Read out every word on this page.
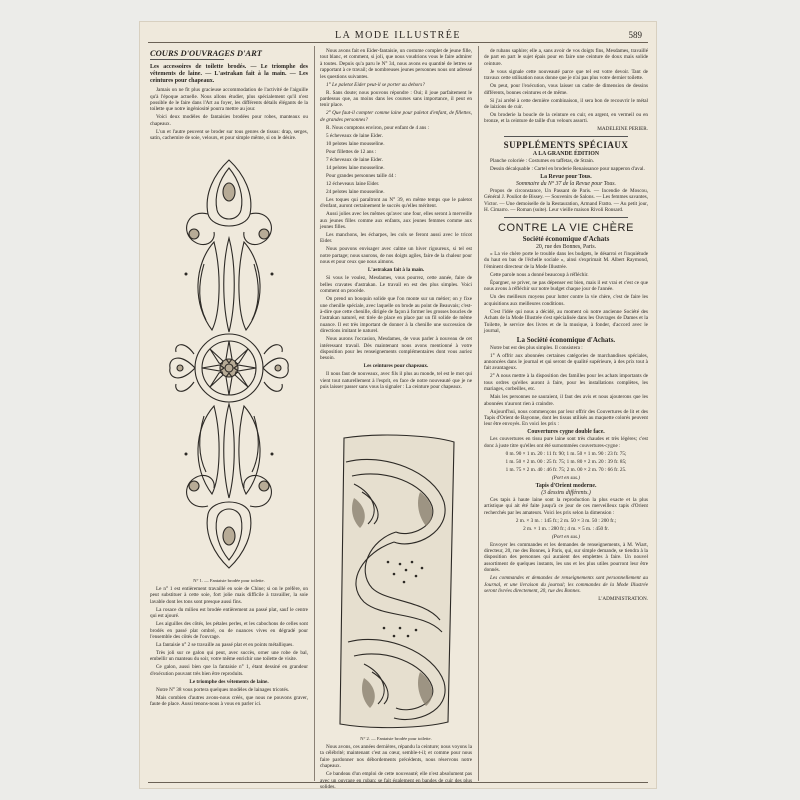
LA MODE ILLUSTRÉE	589
COURS D'OUVRAGES D'ART

Les accessoires de toilette brodés. — Le triomphe des vêtements de laine. — L'astrakan fait à la main. — Les ceintures pour chapeaux.

Jamais on ne fit plus gracieuse accommodation de l'activité de l'aiguille qu'à l'époque actuelle. Nous allons étudier, plus spécialement qu'il n'est possible de le faire dans l'Art au foyer, les différents détails élégants de la toilette que notre ingéniosité pourra mettre au jour.

Voici deux modèles de fantaisies brodées pour robes, manteaux ou chapeaux.

L'un et l'autre peuvent se broder sur tous genres de tissus: drap, serges, satin, cachemire de soie, velours, et pour simple même, si on le désire.

N° 1. — Fantaisie brodée pour toilette.

Le n° 1 est entièrement travaillé en soie de Chine; si on le préfère, on peut substituer à cette soie, fort jolie mais difficile à travailler, la soie lavable dont les tons sont presque aussi fins.

La rosace du milieu est brodée entièrement au passé plat, sauf le centre qui est ajouré.

Les aiguilles des côtés, les pétales perles, et les cabochons de celles sont brodés en passé plat ombré, ou de nuances vives en dégradé pour l'ensemble des côtés de l'ouvrage.

La fantaisie n° 2 se travaille au passé plat et en points métalliques.

Très joli sur ce galon qui peut, avec succès, orner une robe de bal, embellir un manteau du soir, votre même enrichir une toilette de visite.

Ce galon, aussi bien que la fantaisie n° 1, étant dessiné en grandeur d'exécution pouvant très bien être reproduits.

Le triomphe des vêtements de laine.

Notre N° 38 vous portera quelques modèles de lainages tricotés.

Mais combien d'autres avons-nous créés, que nous ne pouvons graver, faute de place. Aussi tenons-nous à vous en parler ici.

Nous avons fait en Eider-fantaisie, un costume complet de jeune fille, tout blanc, et comment, si joli, que nous voudrions vous le faire admirer à toutes. Depuis qu'a paru le N° 34, nous avons eu quantité de lettres se rapportant à ce travail; de nombreuses jeunes personnes nous ont adressé les questions suivantes.

1° Le paletot Eider peut-il se porter au dehors?

R. Sans doute; nous pouvons répondre : Oui; il joue parfaitement le pardessus que, au moins dans les courses sans importance, il peut en tenir place.

2° Que faut-il compter comme laine pour paletot d'enfant, de fillettes, de grandes personnes?

R. Nous comptons environ, pour enfant de 4 ans :

5 écheveaux de laine Eider.

10 pelotes laine mousseline.

Pour fillettes de 12 ans :

7 écheveaux de laine Eider.

14 pelotes laine mousseline.

Pour grandes personnes taille 44 :

12 écheveaux laine Eider.

24 pelotes laine mousseline.

Les toques qui paraîtront au N° 39, en même temps que le paletot d'enfant, auront certainement le succès qu'elles méritent.

Aussi jolies avec les mêmes qu'avec une four, elles seront à merveille aux jeunes filles comme aux enfants, aux jeunes femmes comme aux jeunes filles.

Les manchons, les écharpes, les cols se feront aussi avec le tricot Eider.

Nous pouvons envisager avec calme un hiver rigoureux, si tel est notre partage; nous saurons, de nos doigts agiles, faire de la chaleur pour nous et pour ceux que nous aimons.

L'astrakan fait à la main.

Si vous le voulez, Mesdames, vous pourrez, cette année, faire de belles cravates d'astrakan. Le travail en est des plus simples. Voici comment on procède.

On prend un bouquin solide que l'on monte sur un métier; on y fixe une chenille spéciale, avec laquelle on brode au point de Beauvais; c'est-à-dire que cette chenille, dirigée de façon à former les grosses boucles de l'astrakan naturel, est tirée de place en place par un fil solide de même nuance. Il est très important de donner à la chenille une succession de directions imitant le naturel.

Nous aurons l'occasion, Mesdames, de vous parler à nouveau de cet intéressant travail. Dès maintenant nous avons mentionné à votre disposition pour les renseignements complémentaires dont vous auriez besoin.

Les ceintures pour chapeaux.

Il nous faut de nouveaux, avec fils il plus au monde, tel est le mot qui vient tout naturellement à l'esprit, en face de notre nouveauté que je ne puis laisser passer sans vous la signaler : La ceinture pour chapeaux.

N° 2. — Fantaisie brodée pour toilette.

Nous avons, ces années dernières, répandu la ceinture; nous voyons la ta célébrité; maintenant c'est au cœur, semble-t-il; et comme pour nous faire pardonner nos débordements précédents, nous réservons notre chapeaux.

Ce bandeau d'un emploi de cette nouveauté; elle n'est absolument pas avec un ouvrage en ruban; se fait également en bandes de cuir des plus solides.

de rubans saphire; elle a, sans avoir de vos doigts fins, Mesdames, travaillé de part en part le sujet épais pour en faire une ceinture de doux mais solide ceinture.

Je vous signale cette nouveauté parce que tel est votre devoir. Tant de travaux cette utilisation nous donne que je n'ai pas plus votre dernier toilette.

On peut, pour l'exécution, vous laisser un cadre de dimension de dessins différents, bonnes ceintures et de même.

Si j'ai arrêté à cette dernière combinaison, il sera bon de recouvrir le métal de laizions de cuir.

On broderie la boucle de la ceinture en cuir, en argent, en vermeil ou en bronze, et la ceinture de taille d'un velours assorti.

MADELEINE PERIER.
SUPPLÉMENTS SPÉCIAUX
A LA GRANDE ÉDITION

Planche coloriée : Costumes en taffetas, de Strain.

Dessin décalquable : Cartel en broderie Renaissance pour napperon d'aval.

La Revue pour Tous.
Sommaire du N° 37 de la Revue pour Tous.

Propos de circonstance, Un Passant de Paris. — Incendie de Moscou, Général J. Pouliot de Bissey. — Souvenirs de Salons. — Les femmes savantes, Victor. — Une demoiselle de la Restauration, Armand Fratto. — Au petit jour, H. Cimarro. — Roman (suite). Leur vieille maison Rivoli Ronsard.

CONTRE LA VIE CHÈRE
Société économique d'Achats
20, rue des Bonnes, Paris.

« La vie chère porte le trouble dans les budgets, le désarroi et l'inquiétude du haut en bas de l'échelle sociale », ainsi s'exprimait M. Albert Raymond, l'éminent directeur de la Mode Illustrée.

Cette parole nous a donné beaucoup à réfléchir.

Épargner, se priver, ne pas dépenser est bien, mais il est vrai et c'est ce que nous avons à réfléchir sur notre budget chaque jour de l'année.

Un des meilleurs moyens pour lutter contre la vie chère, c'est de faire les acquisitions aux meilleures conditions.

C'est l'idée qui nous a décidé, au moment où notre ancienne Société des Achats de la Mode Illustrée s'est spécialisée dans les Ouvrages de Dames et la Toilette, le service des livres et de la musique, à fonder, d'accord avec le journal,

La Société économique d'Achats.

Notre but est des plus simples. Il consistera :

1° A offrir aux abonnées certaines catégories de marchandises spéciales, annoncées dans le journal et qui seront de qualité supérieure, à des prix tout à fait avantageux.

2° A nous mettre à la disposition des familles pour les achats importants de tous ordres qu'elles auront à faire, pour les installations complètes, les mariages, corbeilles, etc.

Mais les personnes ne sauraient, il faut des avis et nous ajouterons que les abonnées n'auront rien à craindre.

Aujourd'hui, nous commençons par leur offrir des Couvertures de lit et des Tapis d'Orient de Bayonne, dont les tissus utilisés au maquette colorés peuvent leur être envoyés. En voici les prix :

Couvertures cygne double face.

Les couvertures en tissu pure laine sont très chaudes et très légères; c'est donc à juste titre qu'elles ont été surnommées couvertures-cygne :

0 m. 90 × 1 m. 20 : 11 fr. 90; 1 m. 50 × 1 m. 90 : 23 fr. 75;

1 m. 50 × 2 m. 00 : 25 fr. 75; 1 m. 80 × 2 m. 20 : 39 fr. 85;

1 m. 75 × 2 m. 40 : 46 fr. 75; 2 m. 00 × 2 m. 70 : 66 fr. 25.

(Port en sus.)

Tapis d'Orient moderne.
(3 dessins différents.)

Ces tapis à haute laine sont la reproduction la plus exacte et la plus artistique qui ait été faite jusqu'à ce jour de ces merveilleux tapis d'Orient recherchés par les amateurs. Voici les prix selon la dimension :

2 m. × 3 m. : 145 fr.; 2 m. 50 × 3 m. 50 : 200 fr.;

2 m. × 1 m. : 280 fr.; 4 m. × 5 m. : 450 fr.

(Port en sus.)

Envoyer les commandes et les demandes de renseignements, à M. Wiart, directeur, 20, rue des Bonnes, à Paris, qui, sur simple demande, se tiendra à la disposition des personnes qui auraient des emplettes à faire. Un nouvel assortiment de quelques instants, les uns et les plus utiles pourront leur être donnés.

Les commandes et demandes de renseignements sont personnellement au Journal, et une livraison du journal; les commandes de la Mode Illustrée seront livrées directement, 20, rue des Bonnes.

L'ADMINISTRATION.
